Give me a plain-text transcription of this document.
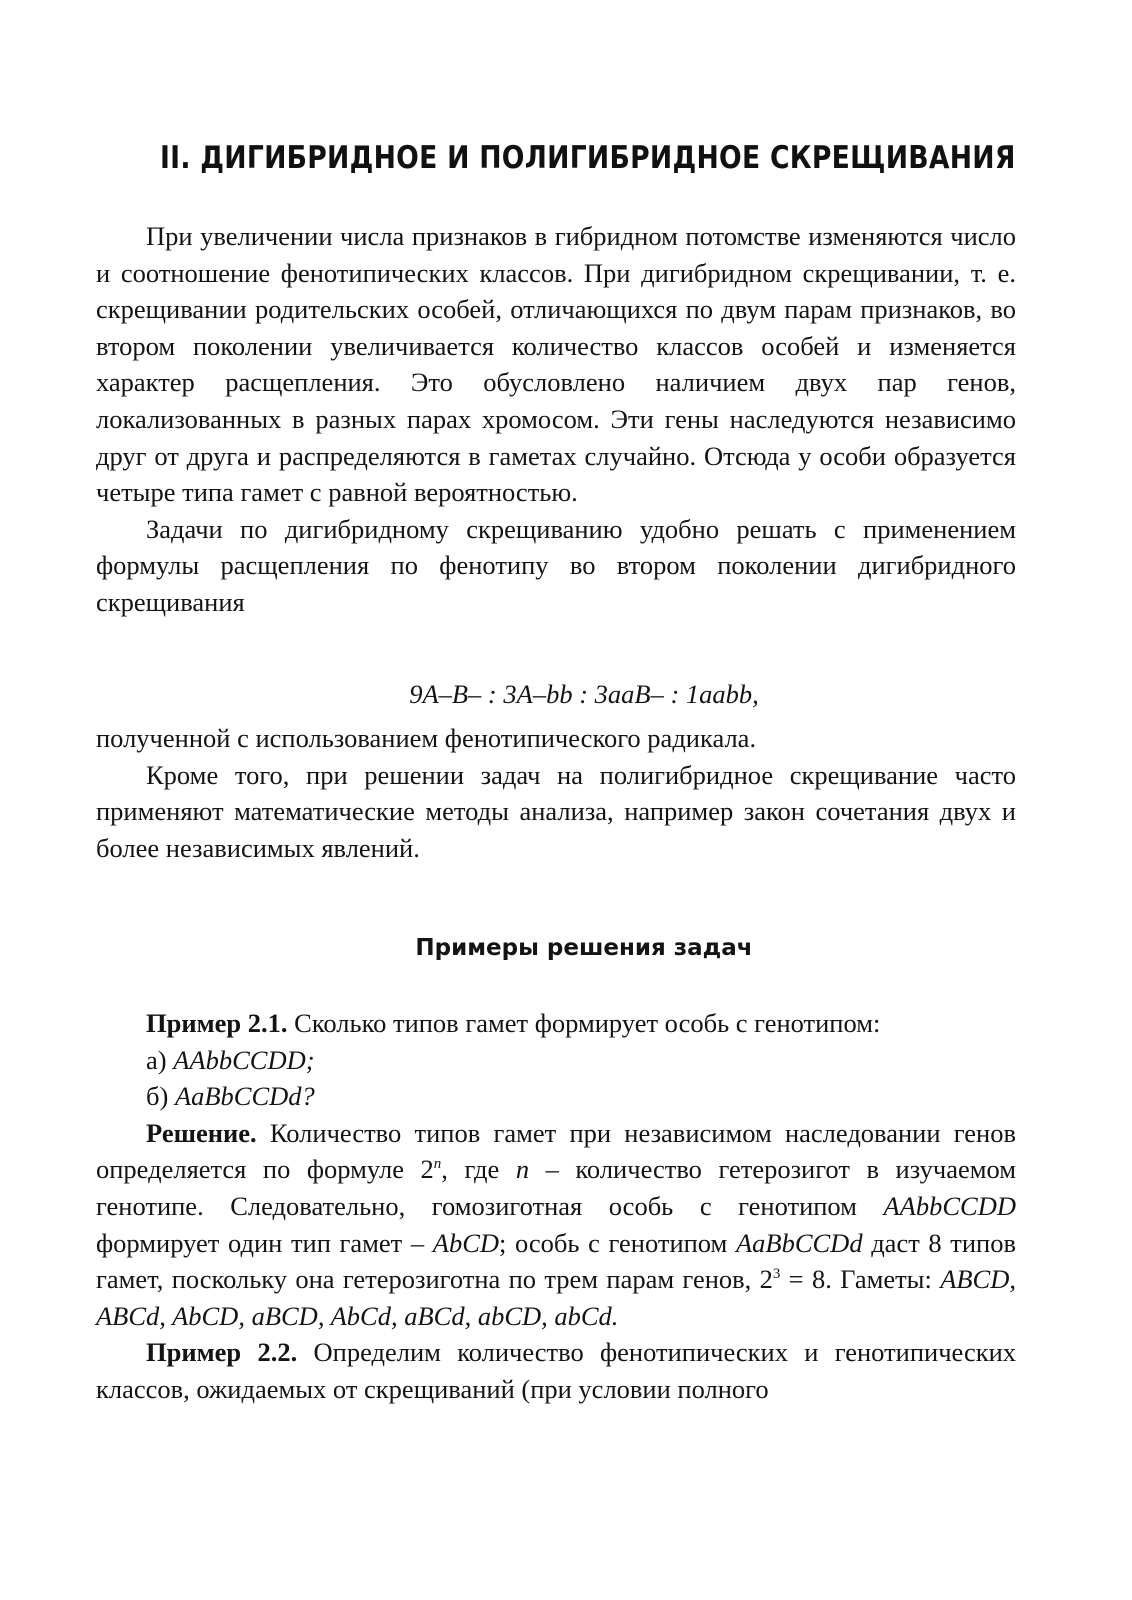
II. ДИГИБРИДНОЕ И ПОЛИГИБРИДНОЕ СКРЕЩИВАНИЯ

При увеличении числа признаков в гибридном потомстве изменяются число и соотношение фенотипических классов. При дигибридном скрещивании, т. е. скрещивании родительских особей, отличающихся по двум парам признаков, во втором поколении увеличивается количество классов особей и изменяется характер расщепления. Это обусловлено наличием двух пар генов, локализованных в разных парах хромосом. Эти гены наследуются независимо друг от друга и распределяются в гаметах случайно. Отсюда у особи образуется четыре типа гамет с равной вероятностью.

Задачи по дигибридному скрещиванию удобно решать с применением формулы расщепления по фенотипу во втором поколении дигибридного скрещивания

9A–B– : 3A–bb : 3aaB– : 1aabb,

полученной с использованием фенотипического радикала.

Кроме того, при решении задач на полигибридное скрещивание часто применяют математические методы анализа, например закон сочетания двух и более независимых явлений.

Примеры решения задач
Пример 2.1. Сколько типов гамет формирует особь с генотипом:
а) AAbbCCDD;
б) AaBbCCDd?

Решение. Количество типов гамет при независимом наследовании генов определяется по формуле 2$^n$, где n – количество гетерозигот в изучаемом генотипе. Следовательно, гомозиготная особь с генотипом AAbbCCDD формирует один тип гамет – AbCD; особь с генотипом AaBbCCDd даст 8 типов гамет, поскольку она гетерозиготна по трем парам генов, $2^3 = 8$. Гаметы: ABCD, ABCd, AbCD, aBCD, AbCd, aBCd, abCD, abCd.

Пример 2.2. Определим количество фенотипических и генотипических классов, ожидаемых от скрещиваний (при условии полного
